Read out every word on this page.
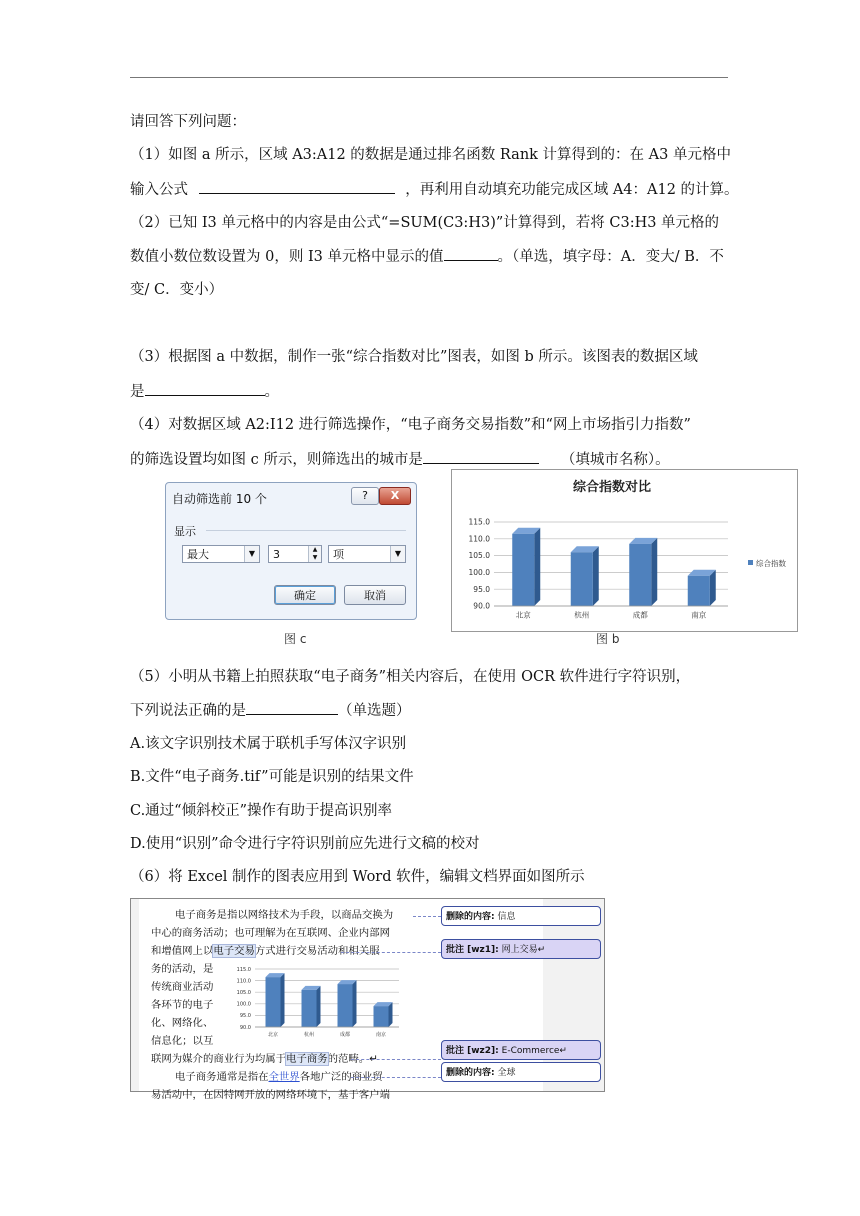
请回答下列问题：
（1）如图 a 所示，区域 A3:A12 的数据是通过排名函数 Rank 计算得到的：在 A3 单元格中
输入公式	，再利用自动填充功能完成区域 A4：A12 的计算。
（2）已知 I3 单元格中的内容是由公式“=SUM(C3:H3)”计算得到，若将 C3:H3 单元格的
数值小数位数设置为 0，则 I3 单元格中显示的值	。（单选，填字母：A．变大/ B．不
变/ C．变小）
（3）根据图 a 中数据，制作一张“综合指数对比”图表，如图 b 所示。该图表的数据区域
是	。
（4）对数据区域 A2:I12 进行筛选操作，“电子商务交易指数”和“网上市场指引力指数”
的筛选设置均如图 c 所示，则筛选出的城市是	（填城市名称）。
自动筛选前 10 个	?	X
显示
最大	▼	3	▲
▼	项	▼
确定	取消
图 c
综合指数对比
90.0
95.0
100.0
105.0
110.0
115.0
北京	杭州	成都	南京
综合指数
图 b
（5）小明从书籍上拍照获取“电子商务”相关内容后，在使用 OCR 软件进行字符识别，
下列说法正确的是	（单选题）
A.该文字识别技术属于联机手写体汉字识别
B.文件“电子商务.tif”可能是识别的结果文件
C.通过“倾斜校正”操作有助于提高识别率
D.使用“识别”命令进行字符识别前应先进行文稿的校对
（6）将 Excel 制作的图表应用到 Word 软件，编辑文档界面如图所示
电子商务是指以网络技术为手段，以商品交换为
中心的商务活动；也可理解为在互联网、企业内部网
和增值网上以电子交易方式进行交易活动和相关服
务的活动，是
传统商业活动
各环节的电子
化、网络化、
信息化；以互
联网为媒介的商业行为均属于电子商务的范畴。↵
电子商务通常是指在全世界各地广泛的商业贸
易活动中，在因特网开放的网络环境下，基于客户端
90.0
95.0
100.0
105.0
110.0
115.0
北京	杭州	成都	南京
删除的内容: 信息
批注 [wz1]: 网上交易↵
批注 [wz2]: E-Commerce↵
删除的内容: 全球
